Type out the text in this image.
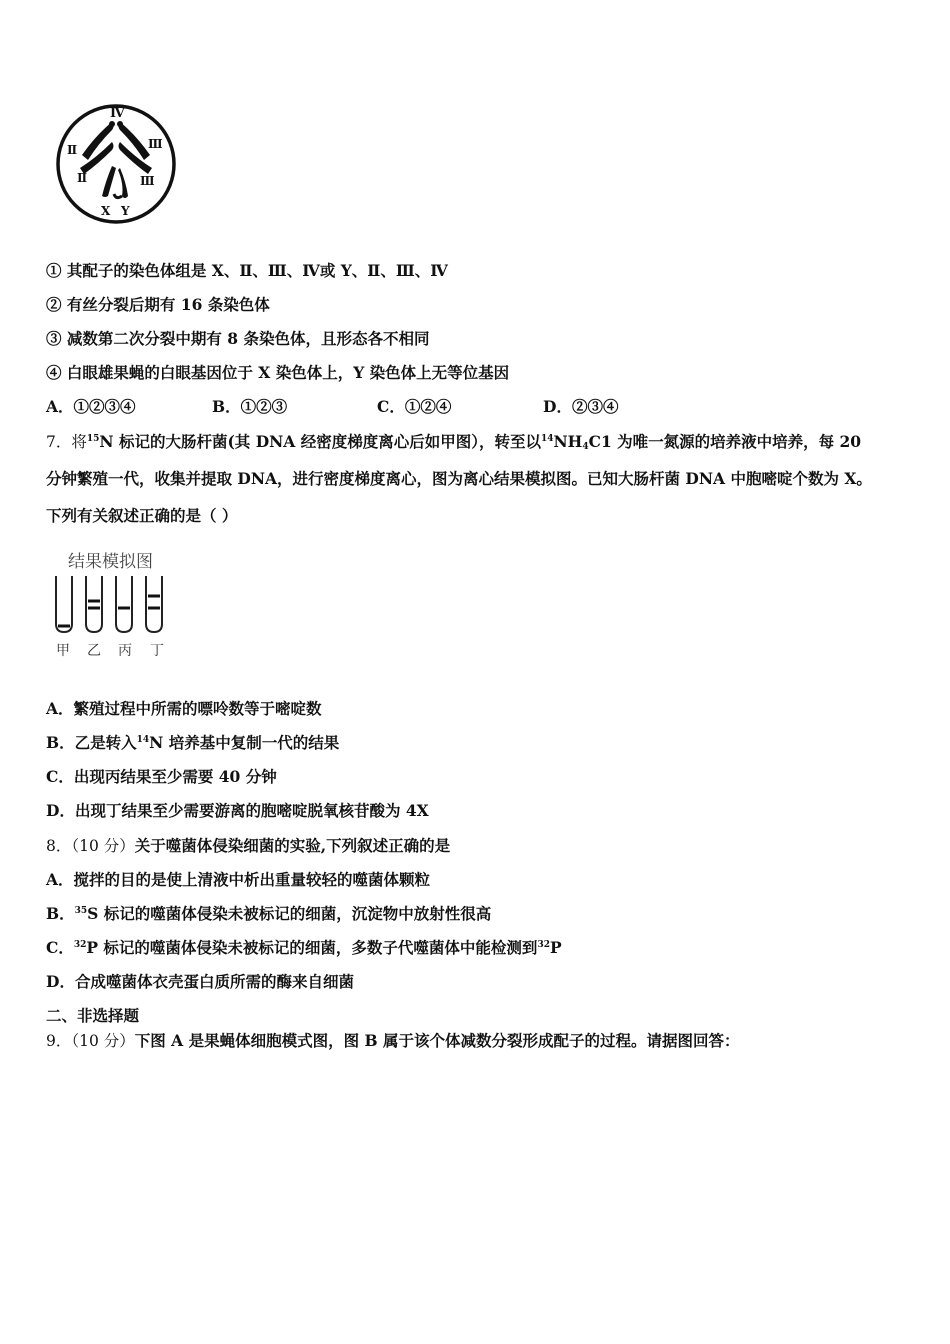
Ⅳ
Ⅱ	Ⅲ
Ⅱ	Ⅲ
X Y
① 其配子的染色体组是 X、Ⅱ、Ⅲ、Ⅳ或 Y、Ⅱ、Ⅲ、Ⅳ
② 有丝分裂后期有 16 条染色体
③ 减数第二次分裂中期有 8 条染色体，且形态各不相同
④ 白眼雄果蝇的白眼基因位于 X 染色体上，Y 染色体上无等位基因
A．①②③④	B．①②③	C．①②④	D．②③④
7．将$^{15}$N 标记的大肠杆菌(其 DNA 经密度梯度离心后如甲图），转至以$^{14}NH_4C1$ 为唯一氮源的培养液中培养，每 20
分钟繁殖一代，收集并提取 DNA，进行密度梯度离心，图为离心结果模拟图。已知大肠杆菌 DNA 中胞嘧啶个数为 X。
下列有关叙述正确的是（ ）
结果模拟图
甲 乙 丙 丁
A．繁殖过程中所需的嘌呤数等于嘧啶数
B．乙是转入$^{14}$N 培养基中复制一代的结果
C．出现丙结果至少需要 40 分钟
D．出现丁结果至少需要游离的胞嘧啶脱氧核苷酸为 4X
8．（10 分）关于噬菌体侵染细菌的实验,下列叙述正确的是
A．搅拌的目的是使上清液中析出重量较轻的噬菌体颗粒
B．$^{35}$S 标记的噬菌体侵染未被标记的细菌，沉淀物中放射性很高
C．$^{32}$P 标记的噬菌体侵染未被标记的细菌，多数子代噬菌体中能检测到$^{32}$P
D．合成噬菌体衣壳蛋白质所需的酶来自细菌
二、非选择题
9．（10 分）下图 A 是果蝇体细胞模式图，图 B 属于该个体减数分裂形成配子的过程。请据图回答：
